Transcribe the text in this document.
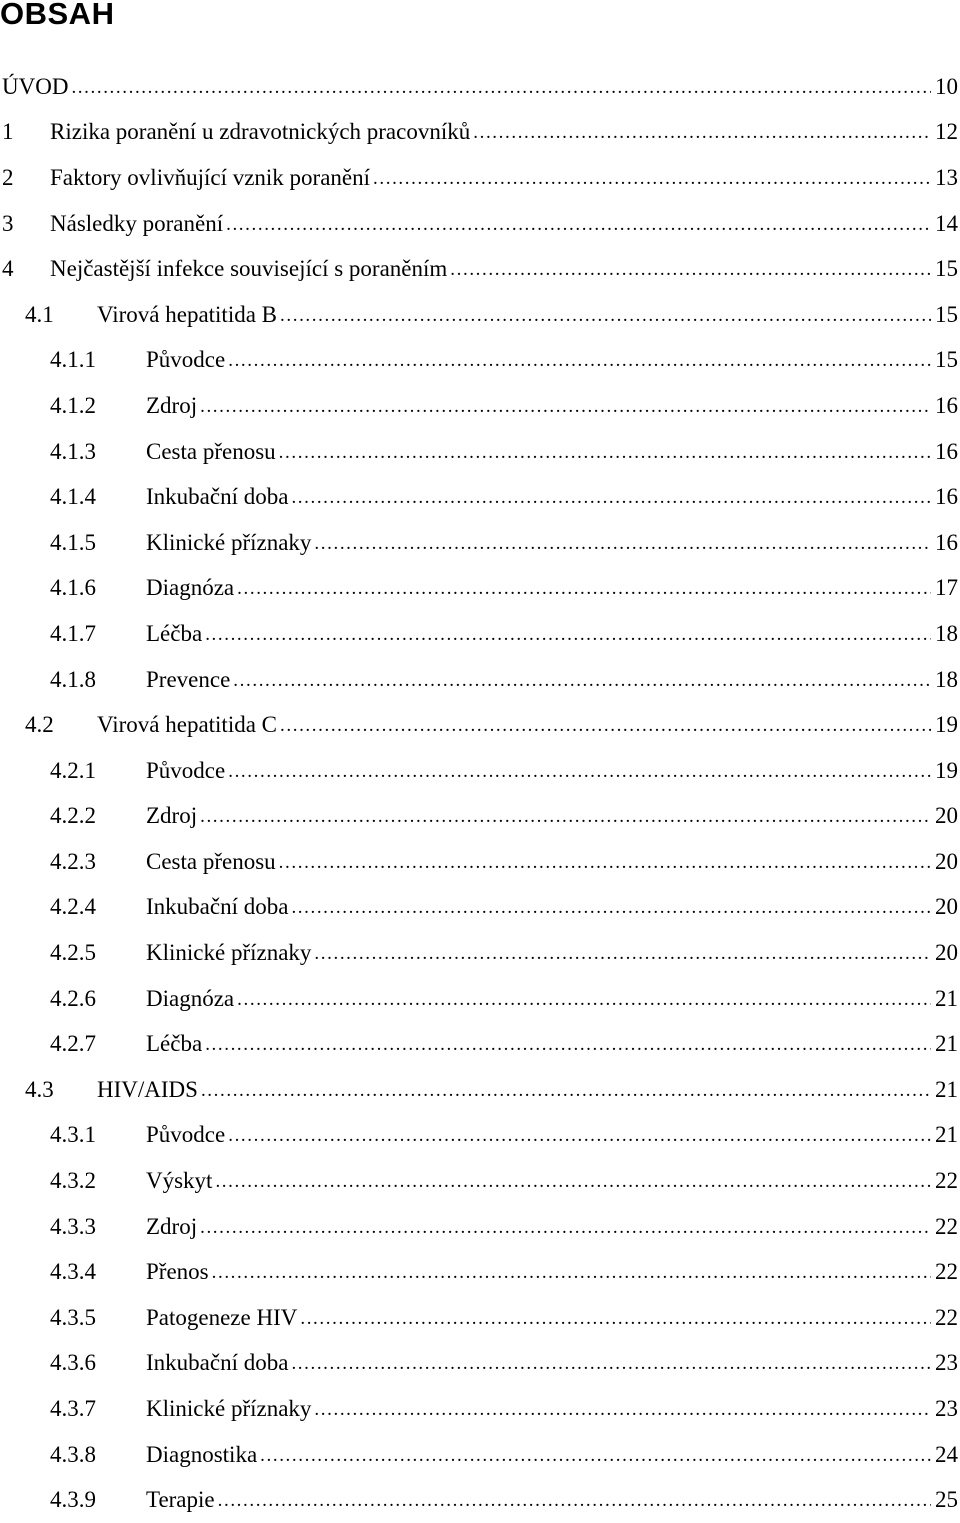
OBSAH
ÚVOD .....	10
1	Rizika poranění u zdravotnických pracovníků .....	12
2	Faktory ovlivňující vznik poranění .....	13
3	Následky poranění .....	14
4	Nejčastější infekce související s poraněním .....	15
4.1	Virová hepatitida B .....	15
4.1.1	Původce .....	15
4.1.2	Zdroj .....	16
4.1.3	Cesta přenosu .....	16
4.1.4	Inkubační doba .....	16
4.1.5	Klinické příznaky .....	16
4.1.6	Diagnóza .....	17
4.1.7	Léčba .....	18
4.1.8	Prevence .....	18
4.2	Virová hepatitida C .....	19
4.2.1	Původce .....	19
4.2.2	Zdroj .....	20
4.2.3	Cesta přenosu .....	20
4.2.4	Inkubační doba .....	20
4.2.5	Klinické příznaky .....	20
4.2.6	Diagnóza .....	21
4.2.7	Léčba .....	21
4.3	HIV/AIDS .....	21
4.3.1	Původce .....	21
4.3.2	Výskyt .....	22
4.3.3	Zdroj .....	22
4.3.4	Přenos .....	22
4.3.5	Patogeneze HIV .....	22
4.3.6	Inkubační doba .....	23
4.3.7	Klinické příznaky .....	23
4.3.8	Diagnostika .....	24
4.3.9	Terapie .....	25
